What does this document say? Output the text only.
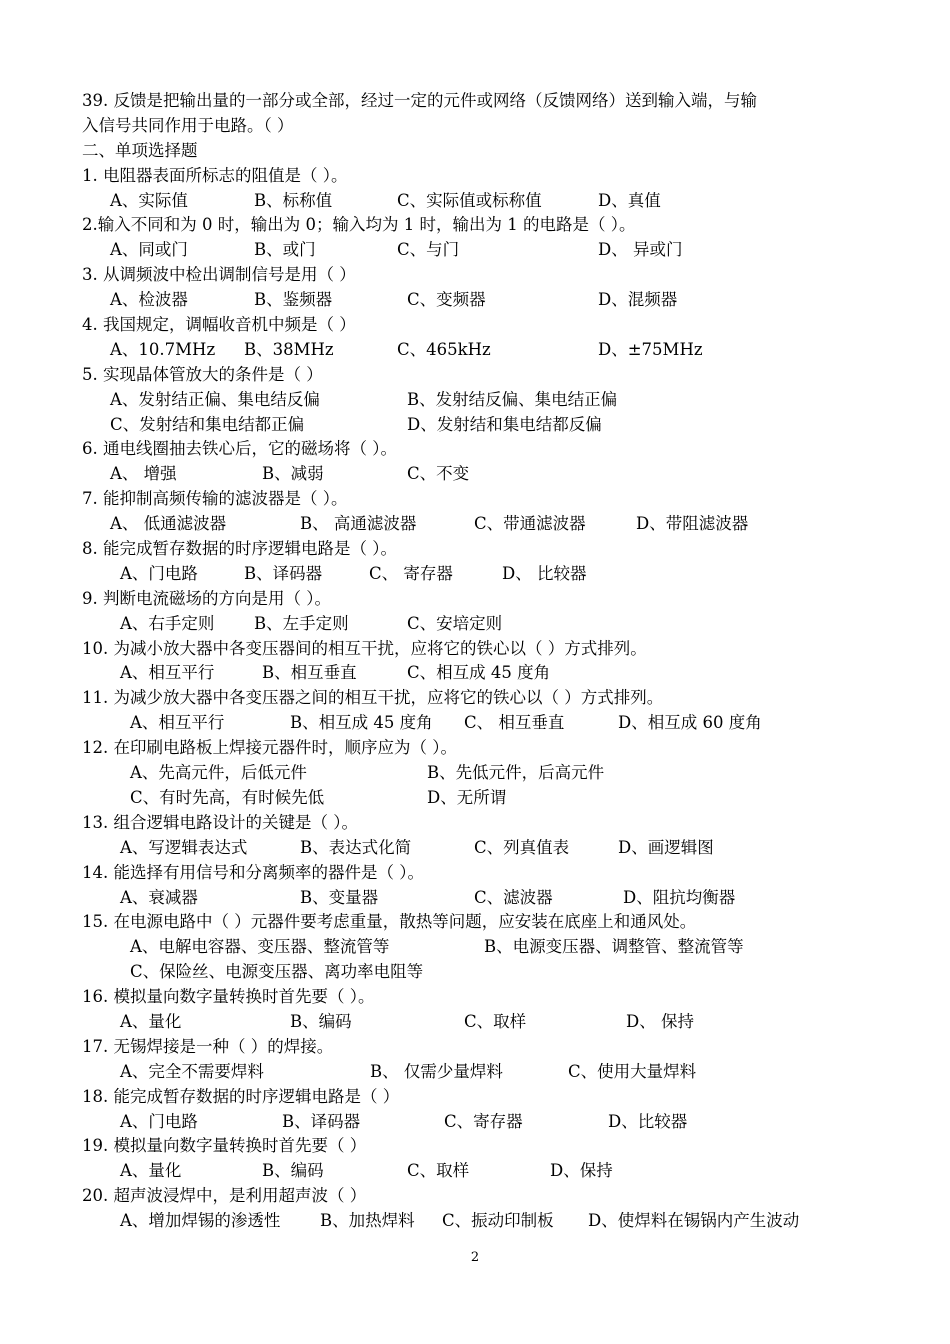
39. 反馈是把输出量的一部分或全部，经过一定的元件或网络（反馈网络）送到输入端，与输
入信号共同作用于电路。（ ）
二、单项选择题
1. 电阻器表面所标志的阻值是（ ）。
A、实际值	B、标称值	C、实际值或标称值	D、真值
2.输入不同和为 0 时，输出为 0；输入均为 1 时，输出为 1 的电路是（ ）。
A、同或门	B、或门	C、与门	D、 异或门
3. 从调频波中检出调制信号是用（ ）
A、检波器	B、鉴频器	C、变频器	D、混频器
4. 我国规定，调幅收音机中频是（ ）
A、10.7MHz B、38MHz	C、465kHz	D、±75MHz
5. 实现晶体管放大的条件是（ ）
A、发射结正偏、集电结反偏	B、发射结反偏、集电结正偏
C、发射结和集电结都正偏	D、发射结和集电结都反偏
6. 通电线圈抽去铁心后，它的磁场将（ ）。
A、 增强	B、减弱	C、不变
7. 能抑制高频传输的滤波器是（ ）。
A、 低通滤波器	B、 高通滤波器	C、带通滤波器	D、带阻滤波器
8. 能完成暂存数据的时序逻辑电路是（ ）。
A、门电路	B、译码器	C、 寄存器	D、 比较器
9. 判断电流磁场的方向是用（ ）。
A、右手定则 B、左手定则	C、安培定则
10. 为减小放大器中各变压器间的相互干扰，应将它的铁心以（ ）方式排列。
A、相互平行	B、相互垂直	C、相互成 45 度角
11. 为减少放大器中各变压器之间的相互干扰，应将它的铁心以（ ）方式排列。
A、相互平行	B、相互成 45 度角 C、 相互垂直	D、相互成 60 度角
12. 在印刷电路板上焊接元器件时，顺序应为（ ）。
A、先高元件，后低元件	B、先低元件，后高元件
C、有时先高，有时候先低	D、无所谓
13. 组合逻辑电路设计的关键是（ ）。
A、写逻辑表达式	B、表达式化简	C、列真值表	D、画逻辑图
14. 能选择有用信号和分离频率的器件是（ ）。
A、衰减器	B、变量器	C、滤波器	D、阻抗均衡器
15. 在电源电路中（ ）元器件要考虑重量，散热等问题，应安装在底座上和通风处。
A、电解电容器、变压器、整流管等	B、电源变压器、调整管、整流管等
C、保险丝、电源变压器、离功率电阻等
16. 模拟量向数字量转换时首先要（ ）。
A、量化	B、编码	C、取样	D、 保持
17. 无锡焊接是一种（ ）的焊接。
A、完全不需要焊料	B、 仅需少量焊料	C、使用大量焊料
18. 能完成暂存数据的时序逻辑电路是（ ）
A、门电路	B、译码器	C、寄存器	D、比较器
19. 模拟量向数字量转换时首先要（ ）
A、量化	B、编码	C、取样	D、保持
20. 超声波浸焊中，是利用超声波（ ）
A、增加焊锡的渗透性 B、加热焊料 C、振动印制板 D、使焊料在锡锅内产生波动
2
